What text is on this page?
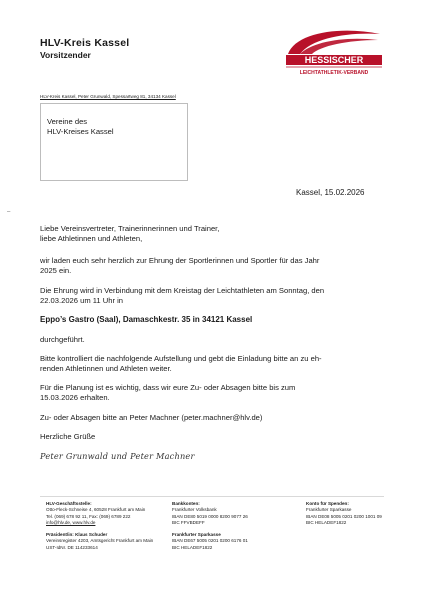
HLV-Kreis Kassel
Vorsitzender	HESSISCHER
LEICHTATHLETIK-VERBAND
HLV-Kreis Kassel, Peter Grunwald, Spessartweg 81, 34134 Kassel
Vereine des
HLV-Kreises Kassel
Kassel, 15.02.2026
–
Liebe Vereinsvertreter, Trainerinnerinnen und Trainer,
liebe Athletinnen und Athleten,
wir laden euch sehr herzlich zur Ehrung der Sportlerinnen und Sportler für das Jahr
2025 ein.
Die Ehrung wird in Verbindung mit dem Kreistag der Leichtathleten am Sonntag, den
22.03.2026 um 11 Uhr in
Eppo’s Gastro (Saal), Damaschkestr. 35 in 34121 Kassel
durchgeführt.
Bitte kontrolliert die nachfolgende Aufstellung und gebt die Einladung bitte an zu eh-
renden Athletinnen und Athleten weiter.
Für die Planung ist es wichtig, dass wir eure Zu- oder Absagen bitte bis zum
15.03.2026 erhalten.
Zu- oder Absagen bitte an Peter Machner (peter.machner@hlv.de)
Herzliche Grüße
Peter Grunwald und Peter Machner
HLV-Geschäftsstelle:
Otto-Fleck-Schneise 4, 60528 Frankfurt am Main
Tel. (069) 678 92 11, Fax: (069) 6789 222
info@hlv.de, www.hlv.de
Präsident/in: Klaus Schuder
Vereinsregister 4203, Amtsgericht Frankfurt am Main
UST-IdNr. DE 114233614
Bankkonten:
Frankfurter Volksbank
IBAN DE80 5019 0000 8200 9077 26
BIC FFVBDEFF
Frankfurter Sparkasse
IBAN DE67 5005 0201 0200 6176 01
BIC HELADEF1822
Konto für Spenden:
Frankfurter Sparkasse
IBAN DE08 5005 0201 0200 1001 09
BIC HELADEF1822
